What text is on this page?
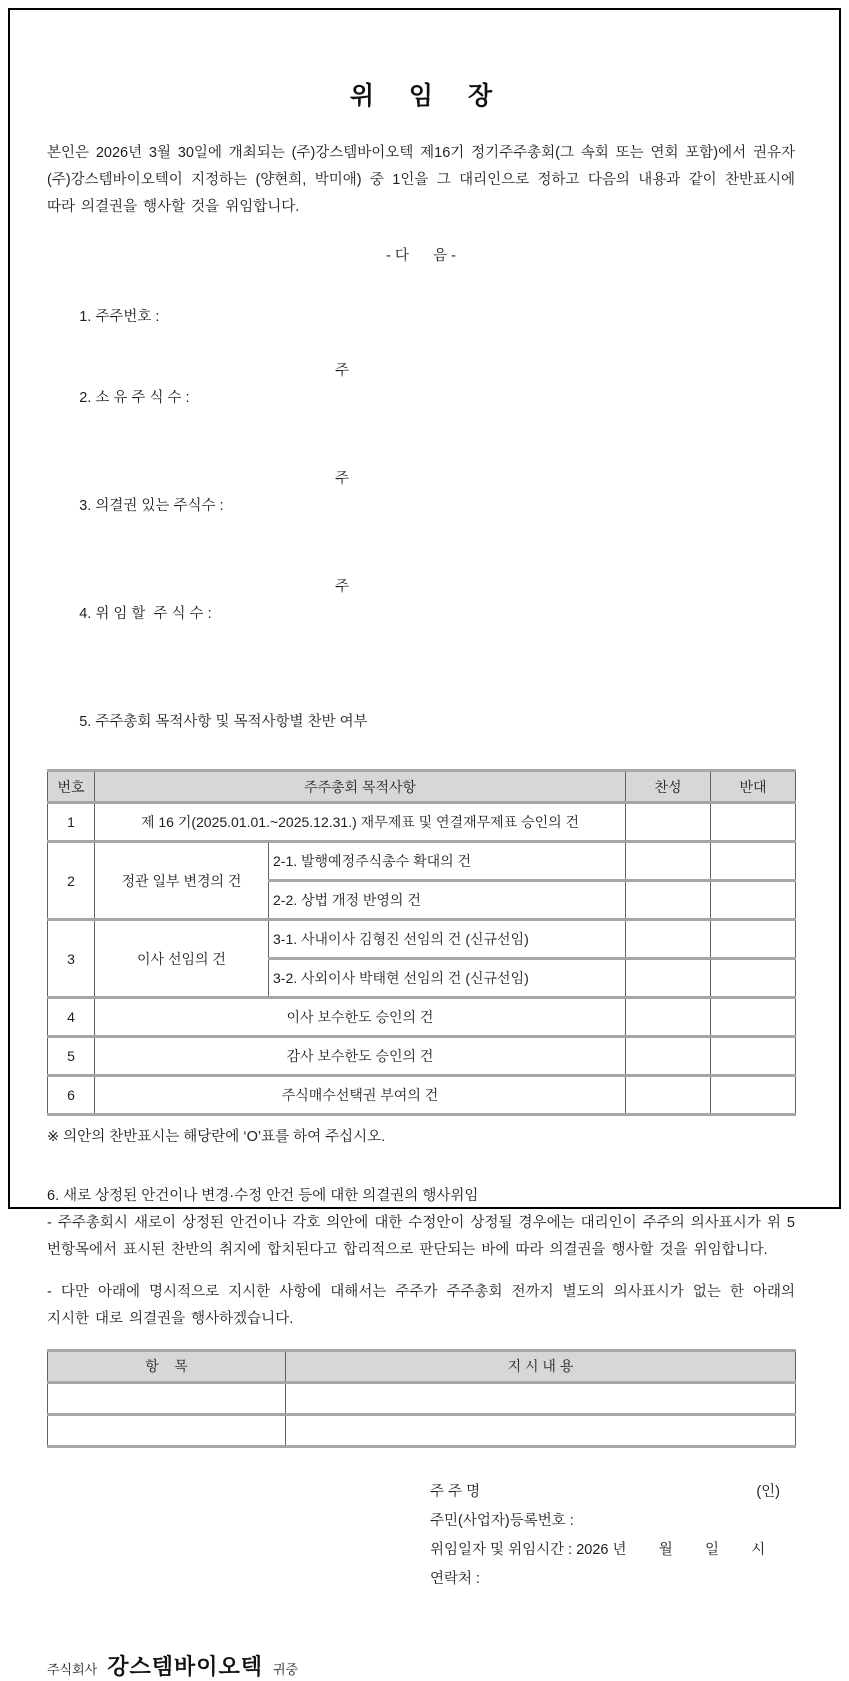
위 임 장

본인은 2026년 3월 30일에 개최되는 (주)강스템바이오텍 제16기 정기주주총회(그 속회 또는 연회 포함)에서 권유자 (주)강스템바이오텍이 지정하는 (양현희, 박미애) 중 1인을 그 대리인으로 정하고 다음의 내용과 같이 찬반표시에 따라 의결권을 행사할 것을 위임합니다.

- 다      음 -

1. 주주번호 :

2. 소 유 주 식 수 :

주

3. 의결권 있는 주식수 :

주

4. 위 임 할  주 식 수 :

주

5. 주주총회 목적사항 및 목적사항별 찬반 여부

번호	주주총회 목적사항		찬성	반대
1	제 16 기(2025.01.01.~2025.12.31.) 재무제표 및 연결재무제표 승인의 건			
2	정관 일부 변경의 건	2-1. 발행예정주식총수 확대의 건		
		2-2. 상법 개정 반영의 건		
3	이사 선임의 건	3-1. 사내이사 김형진 선임의 건 (신규선임)		
		3-2. 사외이사 박태현 선임의 건 (신규선임)		
4	이사 보수한도 승인의 건			
5	감사 보수한도 승인의 건			
6	주식매수선택권 부여의 건			
※ 의안의 찬반표시는 해당란에 ‘O’표를 하여 주십시오.
6. 새로 상정된 안건이나 변경·수정 안건 등에 대한 의결권의 행사위임

- 주주총회시 새로이 상정된 안건이나 각호 의안에 대한 수정안이 상정될 경우에는 대리인이 주주의 의사표시가 위 5 번항목에서 표시된 찬반의 취지에 합치된다고 합리적으로 판단되는 바에 따라 의결권을 행사할 것을 위임합니다.

- 다만 아래에 명시적으로 지시한 사항에 대해서는 주주가 주주총회 전까지 별도의 의사표시가 없는 한 아래의 지시한 대로 의결권을 행사하겠습니다.

항    목	지 시 내 용

주 주 명	(인)
주민(사업자)등록번호 :
위임일자 및 위임시간 : 2026 년        월        일        시
연락처 :
주식회사 강스템바이오텍 귀중
